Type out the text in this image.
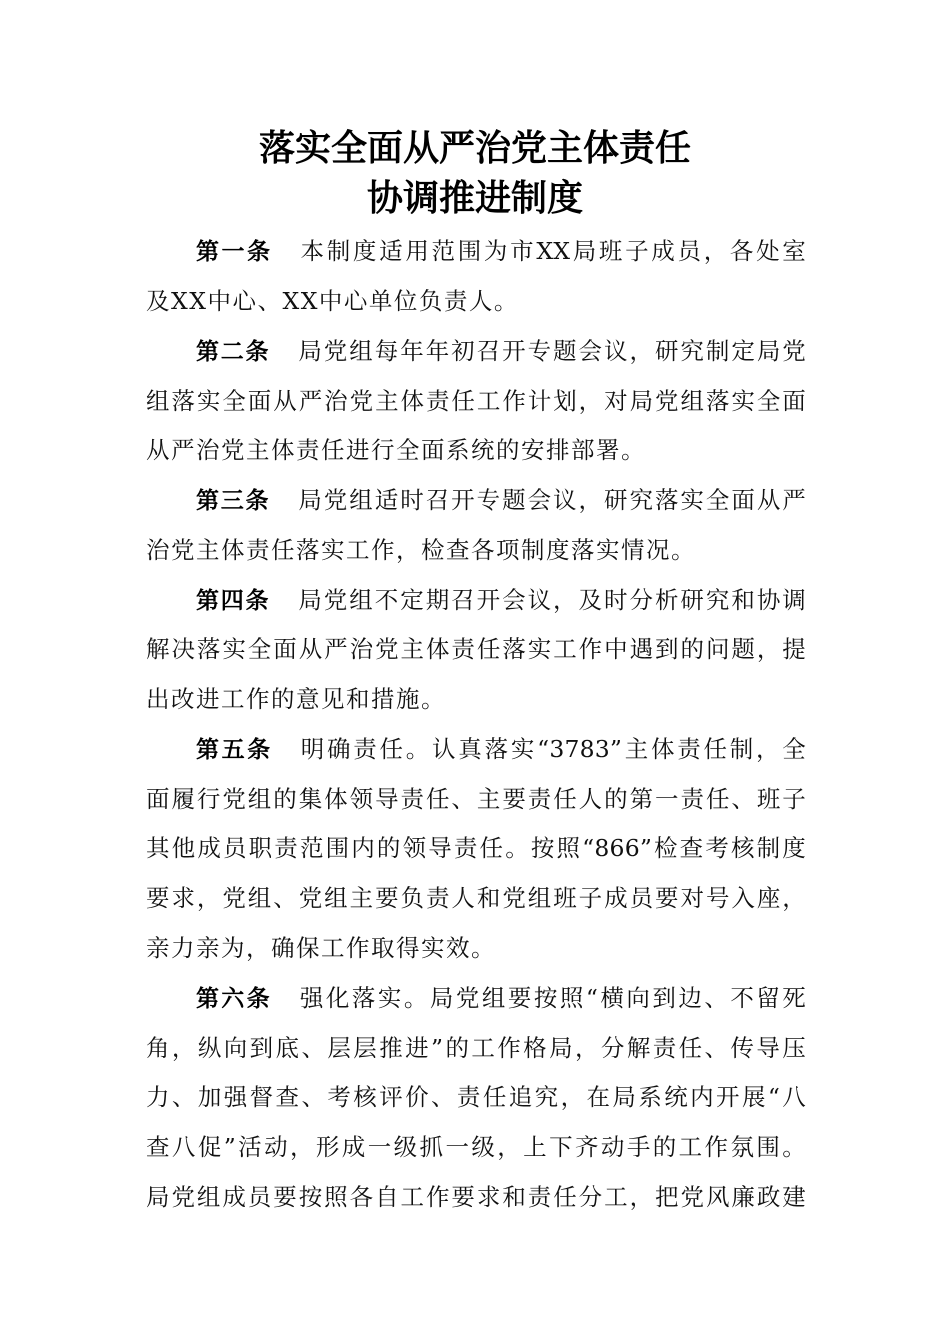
落实全面从严治党主体责任
协调推进制度
第一条 本制度适用范围为市XX局班子成员，各处室
及XX中心、XX中心单位负责人。
第二条 局党组每年年初召开专题会议，研究制定局党
组落实全面从严治党主体责任工作计划，对局党组落实全面
从严治党主体责任进行全面系统的安排部署。
第三条 局党组适时召开专题会议，研究落实全面从严
治党主体责任落实工作，检查各项制度落实情况。
第四条 局党组不定期召开会议，及时分析研究和协调
解决落实全面从严治党主体责任落实工作中遇到的问题，提
出改进工作的意见和措施。
第五条 明确责任。认真落实“3783”主体责任制，全
面履行党组的集体领导责任、主要责任人的第一责任、班子
其他成员职责范围内的领导责任。按照“866”检查考核制度
要求，党组、党组主要负责人和党组班子成员要对号入座，
亲力亲为，确保工作取得实效。
第六条 强化落实。局党组要按照“横向到边、不留死
角，纵向到底、层层推进”的工作格局，分解责任、传导压
力、加强督查、考核评价、责任追究，在局系统内开展“八
查八促”活动，形成一级抓一级，上下齐动手的工作氛围。
局党组成员要按照各自工作要求和责任分工，把党风廉政建
